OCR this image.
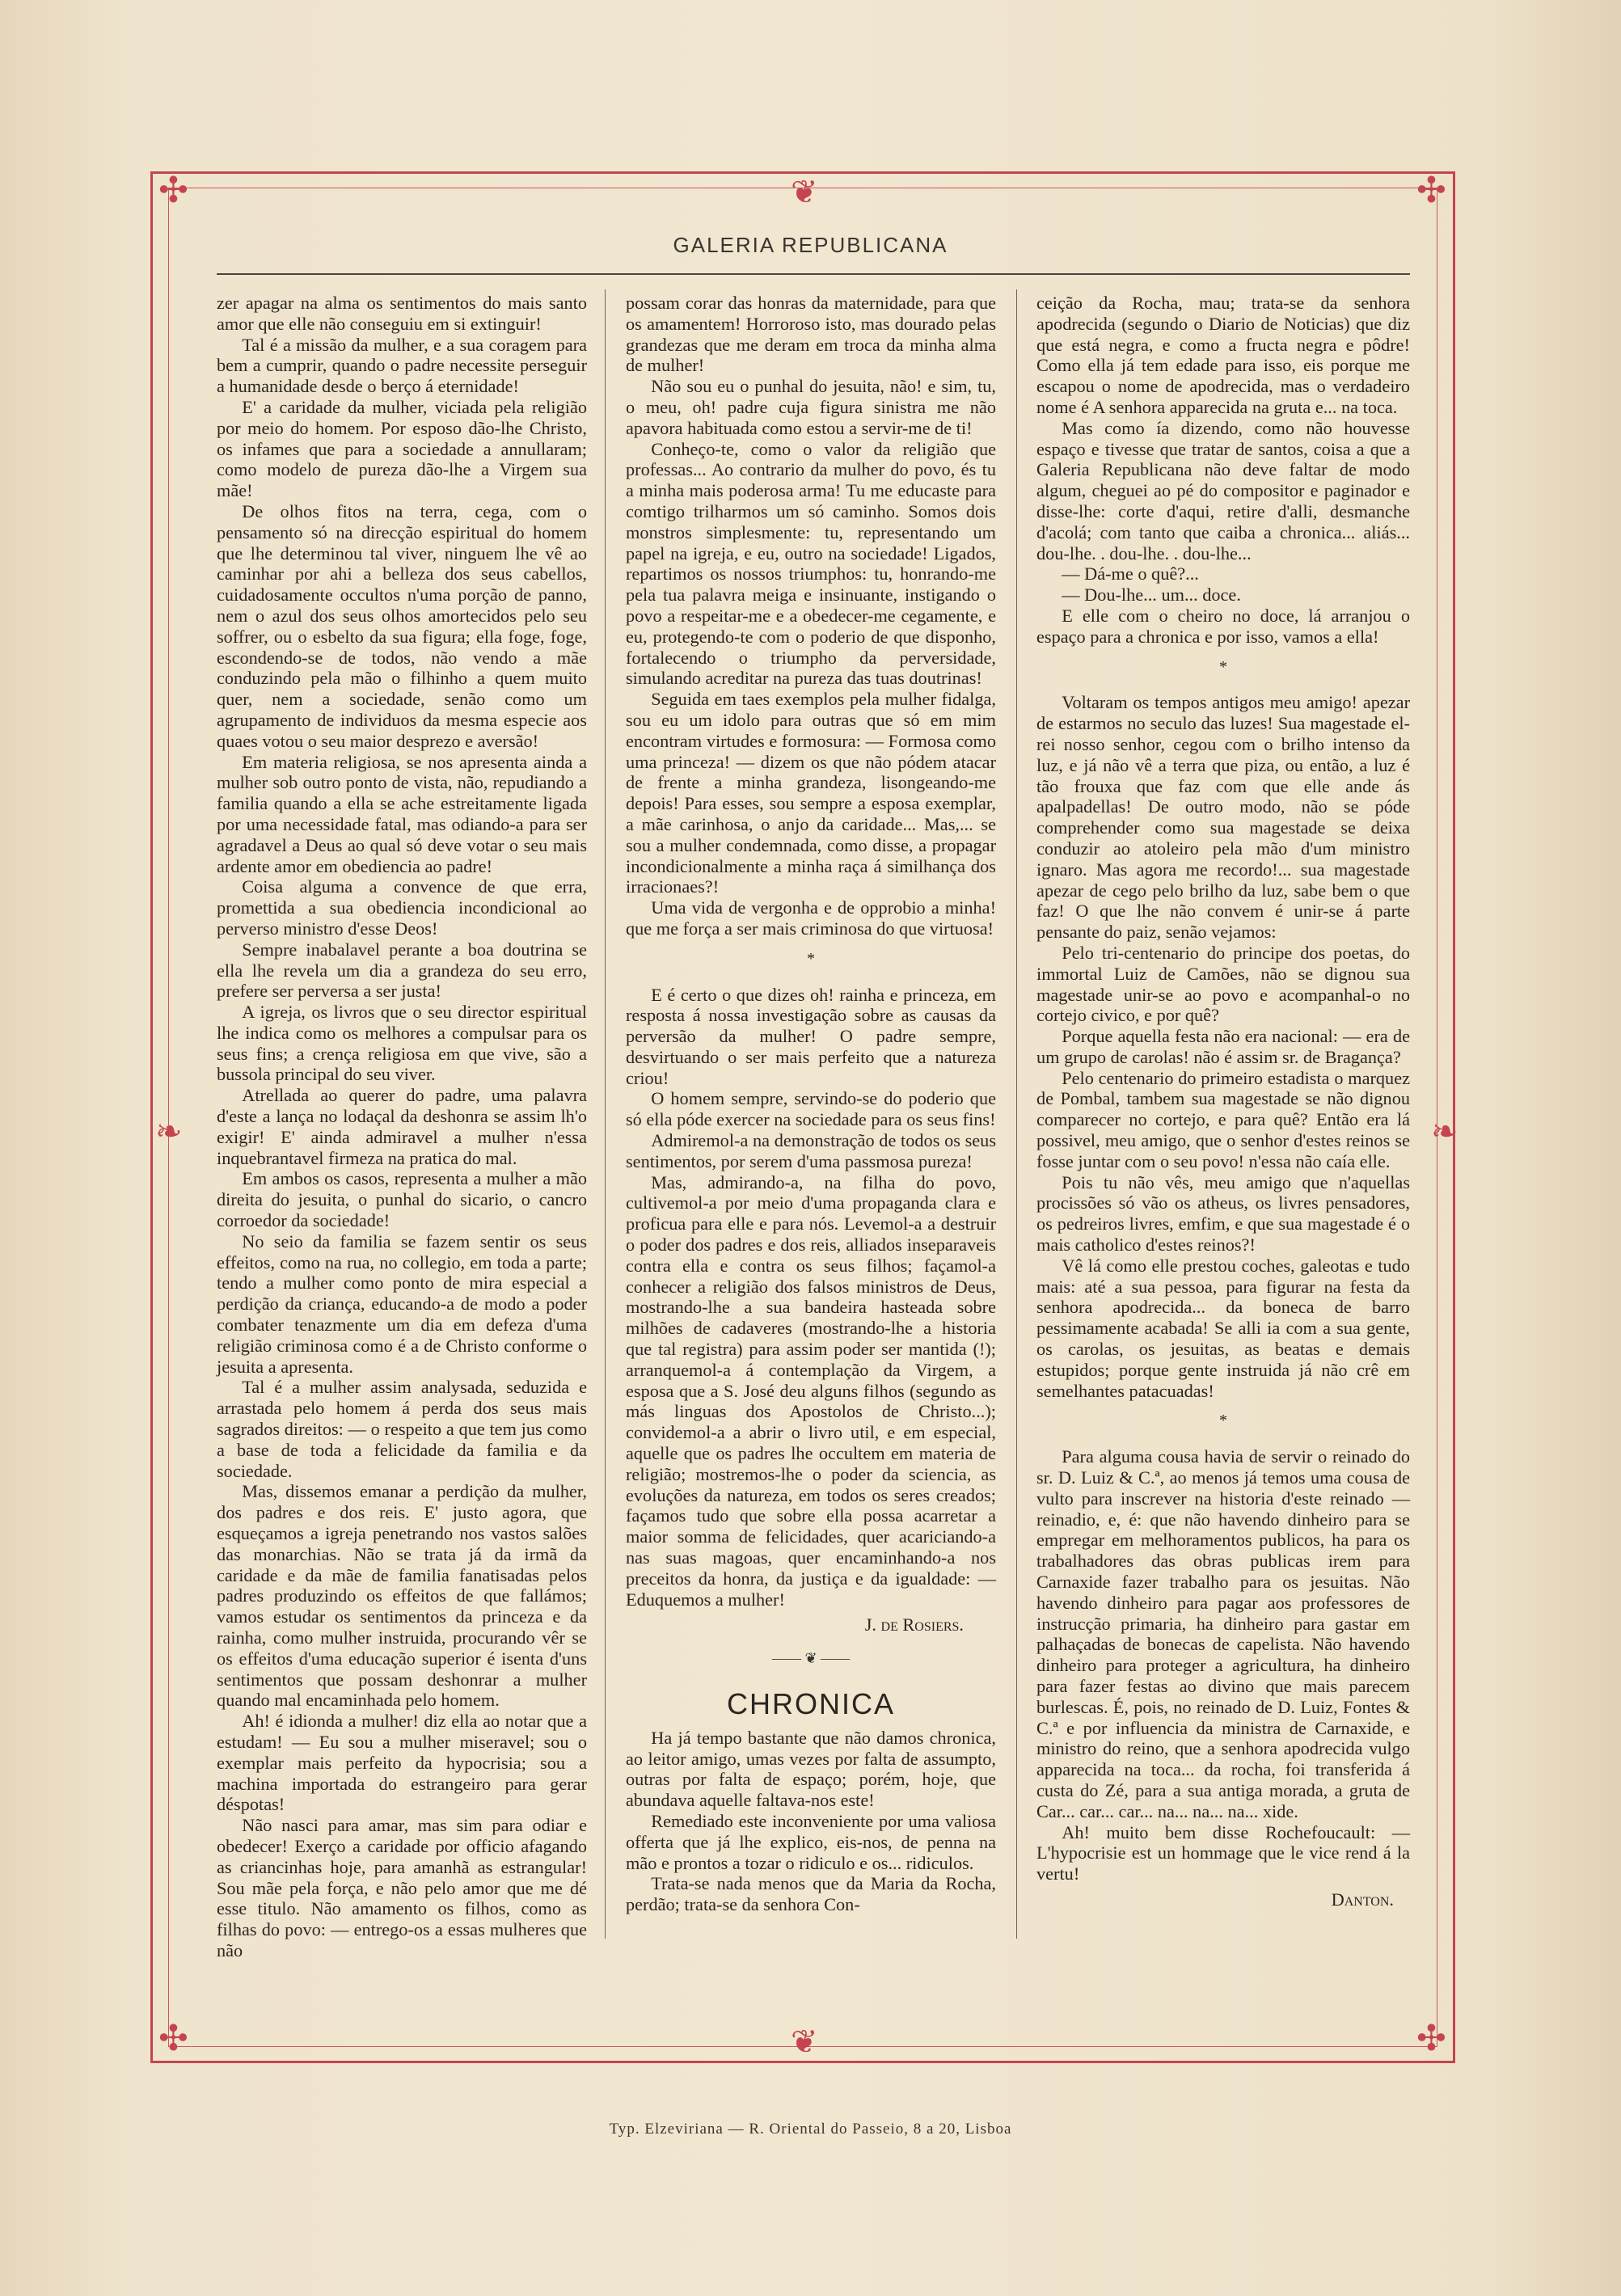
✣	✣
✣	✣
❦
❦
❧	❧
GALERIA REPUBLICANA

zer apagar na alma os sentimentos do mais santo amor que elle não conseguiu em si extinguir!

Tal é a missão da mulher, e a sua coragem para bem a cumprir, quando o padre necessite perseguir a humanidade desde o berço á eternidade!

E' a caridade da mulher, viciada pela religião por meio do homem. Por esposo dão-lhe Christo, os infames que para a sociedade a annullaram; como modelo de pureza dão-lhe a Virgem sua mãe!

De olhos fitos na terra, cega, com o pensamento só na direcção espiritual do homem que lhe determinou tal viver, ninguem lhe vê ao caminhar por ahi a belleza dos seus cabellos, cuidadosamente occultos n'uma porção de panno, nem o azul dos seus olhos amortecidos pelo seu soffrer, ou o esbelto da sua figura; ella foge, foge, escondendo-se de todos, não vendo a mãe conduzindo pela mão o filhinho a quem muito quer, nem a sociedade, senão como um agrupamento de individuos da mesma especie aos quaes votou o seu maior desprezo e aversão!

Em materia religiosa, se nos apresenta ainda a mulher sob outro ponto de vista, não, repudiando a familia quando a ella se ache estreitamente ligada por uma necessidade fatal, mas odiando-a para ser agradavel a Deus ao qual só deve votar o seu mais ardente amor em obediencia ao padre!

Coisa alguma a convence de que erra, promettida a sua obediencia incondicional ao perverso ministro d'esse Deos!

Sempre inabalavel perante a boa doutrina se ella lhe revela um dia a grandeza do seu erro, prefere ser perversa a ser justa!

A igreja, os livros que o seu director espiritual lhe indica como os melhores a compulsar para os seus fins; a crença religiosa em que vive, são a bussola principal do seu viver.

Atrellada ao querer do padre, uma palavra d'este a lança no lodaçal da deshonra se assim lh'o exigir! E' ainda admiravel a mulher n'essa inquebrantavel firmeza na pratica do mal.

Em ambos os casos, representa a mulher a mão direita do jesuita, o punhal do sicario, o cancro corroedor da sociedade!

No seio da familia se fazem sentir os seus effeitos, como na rua, no collegio, em toda a parte; tendo a mulher como ponto de mira especial a perdição da criança, educando-a de modo a poder combater tenazmente um dia em defeza d'uma religião criminosa como é a de Christo conforme o jesuita a apresenta.

Tal é a mulher assim analysada, seduzida e arrastada pelo homem á perda dos seus mais sagrados direitos: — o respeito a que tem jus como a base de toda a felicidade da familia e da sociedade.

Mas, dissemos emanar a perdição da mulher, dos padres e dos reis. E' justo agora, que esqueçamos a igreja penetrando nos vastos salões das monarchias. Não se trata já da irmã da caridade e da mãe de familia fanatisadas pelos padres produzindo os effeitos de que fallámos; vamos estudar os sentimentos da princeza e da rainha, como mulher instruida, procurando vêr se os effeitos d'uma educação superior é isenta d'uns sentimentos que possam deshonrar a mulher quando mal encaminhada pelo homem.

Ah! é idionda a mulher! diz ella ao notar que a estudam! — Eu sou a mulher miseravel; sou o exemplar mais perfeito da hypocrisia; sou a machina importada do estrangeiro para gerar déspotas!

Não nasci para amar, mas sim para odiar e obedecer! Exerço a caridade por officio afagando as criancinhas hoje, para amanhã as estrangular! Sou mãe pela força, e não pelo amor que me dé esse titulo. Não amamento os filhos, como as filhas do povo: — entrego-os a essas mulheres que não

possam corar das honras da maternidade, para que os amamentem! Horroroso isto, mas dourado pelas grandezas que me deram em troca da minha alma de mulher!

Não sou eu o punhal do jesuita, não! e sim, tu, o meu, oh! padre cuja figura sinistra me não apavora habituada como estou a servir-me de ti!

Conheço-te, como o valor da religião que professas... Ao contrario da mulher do povo, és tu a minha mais poderosa arma! Tu me educaste para comtigo trilharmos um só caminho. Somos dois monstros simplesmente: tu, representando um papel na igreja, e eu, outro na sociedade! Ligados, repartimos os nossos triumphos: tu, honrando-me pela tua palavra meiga e insinuante, instigando o povo a respeitar-me e a obedecer-me cegamente, e eu, protegendo-te com o poderio de que disponho, fortalecendo o triumpho da perversidade, simulando acreditar na pureza das tuas doutrinas!

Seguida em taes exemplos pela mulher fidalga, sou eu um idolo para outras que só em mim encontram virtudes e formosura: — Formosa como uma princeza! — dizem os que não pódem atacar de frente a minha grandeza, lisongeando-me depois! Para esses, sou sempre a esposa exemplar, a mãe carinhosa, o anjo da caridade... Mas,... se sou a mulher condemnada, como disse, a propagar incondicionalmente a minha raça á similhança dos irracionaes?!

Uma vida de vergonha e de opprobio a minha! que me força a ser mais criminosa do que virtuosa!

*

E é certo o que dizes oh! rainha e princeza, em resposta á nossa investigação sobre as causas da perversão da mulher! O padre sempre, desvirtuando o ser mais perfeito que a natureza criou!

O homem sempre, servindo-se do poderio que só ella póde exercer na sociedade para os seus fins!

Admiremol-a na demonstração de todos os seus sentimentos, por serem d'uma passmosa pureza!

Mas, admirando-a, na filha do povo, cultivemol-a por meio d'uma propaganda clara e proficua para elle e para nós. Levemol-a a destruir o poder dos padres e dos reis, alliados inseparaveis contra ella e contra os seus filhos; façamol-a conhecer a religião dos falsos ministros de Deus, mostrando-lhe a sua bandeira hasteada sobre milhões de cadaveres (mostrando-lhe a historia que tal registra) para assim poder ser mantida (!); arranquemol-a á contemplação da Virgem, a esposa que a S. José deu alguns filhos (segundo as más linguas dos Apostolos de Christo...); convidemol-a a abrir o livro util, e em especial, aquelle que os padres lhe occultem em materia de religião; mostremos-lhe o poder da sciencia, as evoluções da natureza, em todos os seres creados; façamos tudo que sobre ella possa acarretar a maior somma de felicidades, quer acariciando-a nas suas magoas, quer encaminhando-a nos preceitos da honra, da justiça e da igualdade: — Eduquemos a mulher!

J. de Rosiers.
—— ❦ ——
CHRONICA

Ha já tempo bastante que não damos chronica, ao leitor amigo, umas vezes por falta de assumpto, outras por falta de espaço; porém, hoje, que abundava aquelle faltava-nos este!

Remediado este inconveniente por uma valiosa offerta que já lhe explico, eis-nos, de penna na mão e prontos a tozar o ridiculo e os... ridiculos.

Trata-se nada menos que da Maria da Rocha, perdão; trata-se da senhora Con-

ceição da Rocha, mau; trata-se da senhora apodrecida (segundo o Diario de Noticias) que diz que está negra, e como a fructa negra e pôdre! Como ella já tem edade para isso, eis porque me escapou o nome de apodrecida, mas o verdadeiro nome é A senhora apparecida na gruta e... na toca.

Mas como ía dizendo, como não houvesse espaço e tivesse que tratar de santos, coisa a que a Galeria Republicana não deve faltar de modo algum, cheguei ao pé do compositor e paginador e disse-lhe: corte d'aqui, retire d'alli, desmanche d'acolá; com tanto que caiba a chronica... aliás... dou-lhe. . dou-lhe. . dou-lhe...

— Dá-me o quê?...

— Dou-lhe... um... doce.

E elle com o cheiro no doce, lá arranjou o espaço para a chronica e por isso, vamos a ella!

*

Voltaram os tempos antigos meu amigo! apezar de estarmos no seculo das luzes! Sua magestade el-rei nosso senhor, cegou com o brilho intenso da luz, e já não vê a terra que piza, ou então, a luz é tão frouxa que faz com que elle ande ás apalpadellas! De outro modo, não se póde comprehender como sua magestade se deixa conduzir ao atoleiro pela mão d'um ministro ignaro. Mas agora me recordo!... sua magestade apezar de cego pelo brilho da luz, sabe bem o que faz! O que lhe não convem é unir-se á parte pensante do paiz, senão vejamos:

Pelo tri-centenario do principe dos poetas, do immortal Luiz de Camões, não se dignou sua magestade unir-se ao povo e acompanhal-o no cortejo civico, e por quê?

Porque aquella festa não era nacional: — era de um grupo de carolas! não é assim sr. de Bragança?

Pelo centenario do primeiro estadista o marquez de Pombal, tambem sua magestade se não dignou comparecer no cortejo, e para quê? Então era lá possivel, meu amigo, que o senhor d'estes reinos se fosse juntar com o seu povo! n'essa não caía elle.

Pois tu não vês, meu amigo que n'aquellas procissões só vão os atheus, os livres pensadores, os pedreiros livres, emfim, e que sua magestade é o mais catholico d'estes reinos?!

Vê lá como elle prestou coches, galeotas e tudo mais: até a sua pessoa, para figurar na festa da senhora apodrecida... da boneca de barro pessimamente acabada! Se alli ia com a sua gente, os carolas, os jesuitas, as beatas e demais estupidos; porque gente instruida já não crê em semelhantes patacuadas!

*

Para alguma cousa havia de servir o reinado do sr. D. Luiz & C.ª, ao menos já temos uma cousa de vulto para inscrever na historia d'este reinado — reinadio, e, é: que não havendo dinheiro para se empregar em melhoramentos publicos, ha para os trabalhadores das obras publicas irem para Carnaxide fazer trabalho para os jesuitas. Não havendo dinheiro para pagar aos professores de instrucção primaria, ha dinheiro para gastar em palhaçadas de bonecas de capelista. Não havendo dinheiro para proteger a agricultura, ha dinheiro para fazer festas ao divino que mais parecem burlescas. É, pois, no reinado de D. Luiz, Fontes & C.ª e por influencia da ministra de Carnaxide, e ministro do reino, que a senhora apodrecida vulgo apparecida na toca... da rocha, foi transferida á custa do Zé, para a sua antiga morada, a gruta de Car... car... car... na... na... na... xide.

Ah! muito bem disse Rochefoucault: — L'hypocrisie est un hommage que le vice rend á la vertu!

Danton.
Typ. Elzeviriana — R. Oriental do Passeio, 8 a 20, Lisboa
